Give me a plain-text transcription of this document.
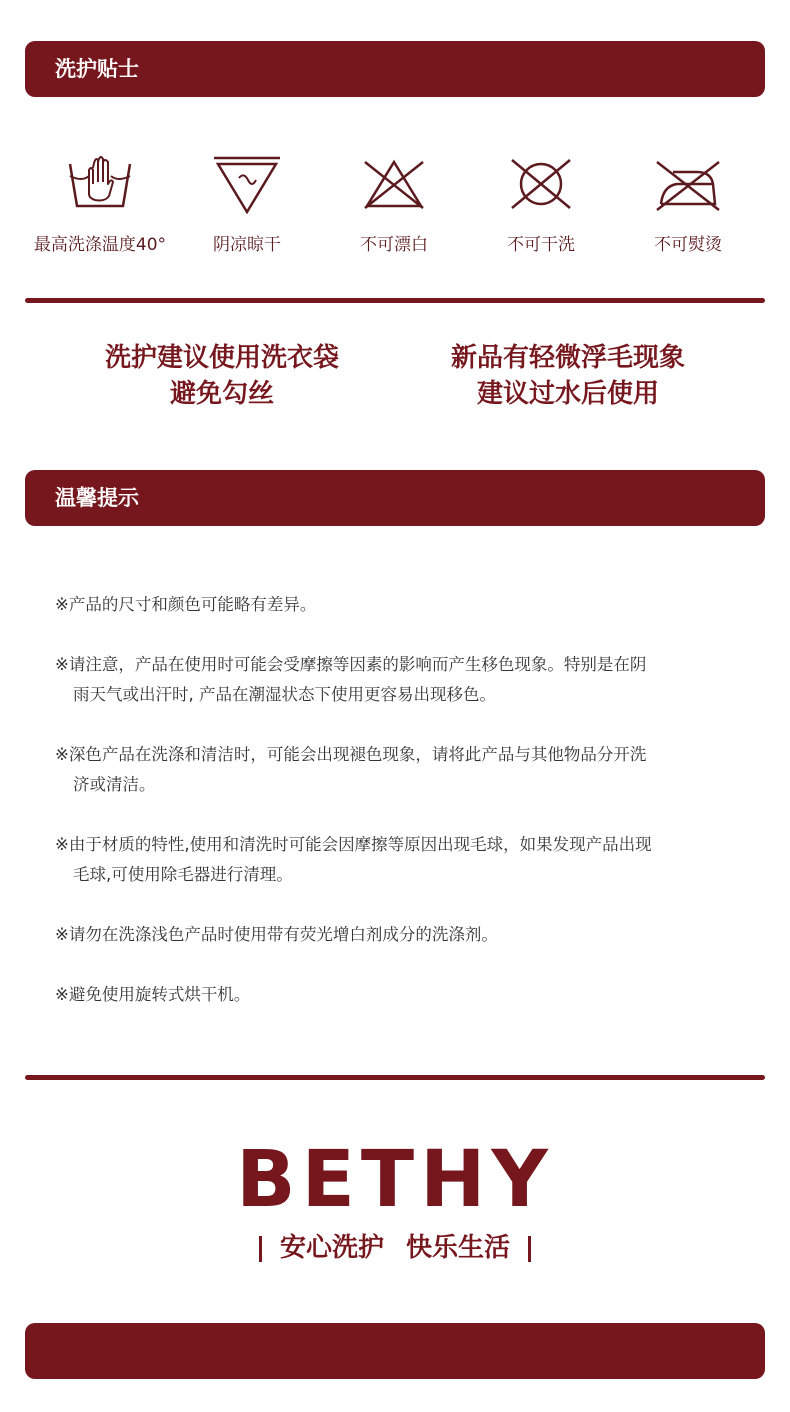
洗护贴士
最高洗涤温度40°	阴凉晾干	不可漂白	不可干洗	不可熨烫
洗护建议使用洗衣袋
避免勾丝
新品有轻微浮毛现象
建议过水后使用
温馨提示
※产品的尺寸和颜色可能略有差异。
※请注意，产品在使用时可能会受摩擦等因素的影响而产生移色现象。特别是在阴
雨天气或出汗时, 产品在潮湿状态下使用更容易出现移色。
※深色产品在洗涤和清洁时，可能会出现褪色现象，请将此产品与其他物品分开洗
济或清洁。
※由于材质的特性,使用和清洗时可能会因摩擦等原因出现毛球，如果发现产品出现
毛球,可使用除毛器进行清理。
※请勿在洗涤浅色产品时使用带有荧光增白剂成分的洗涤剂。
※避免使用旋转式烘干机。
BETHY
安心洗护 快乐生活
